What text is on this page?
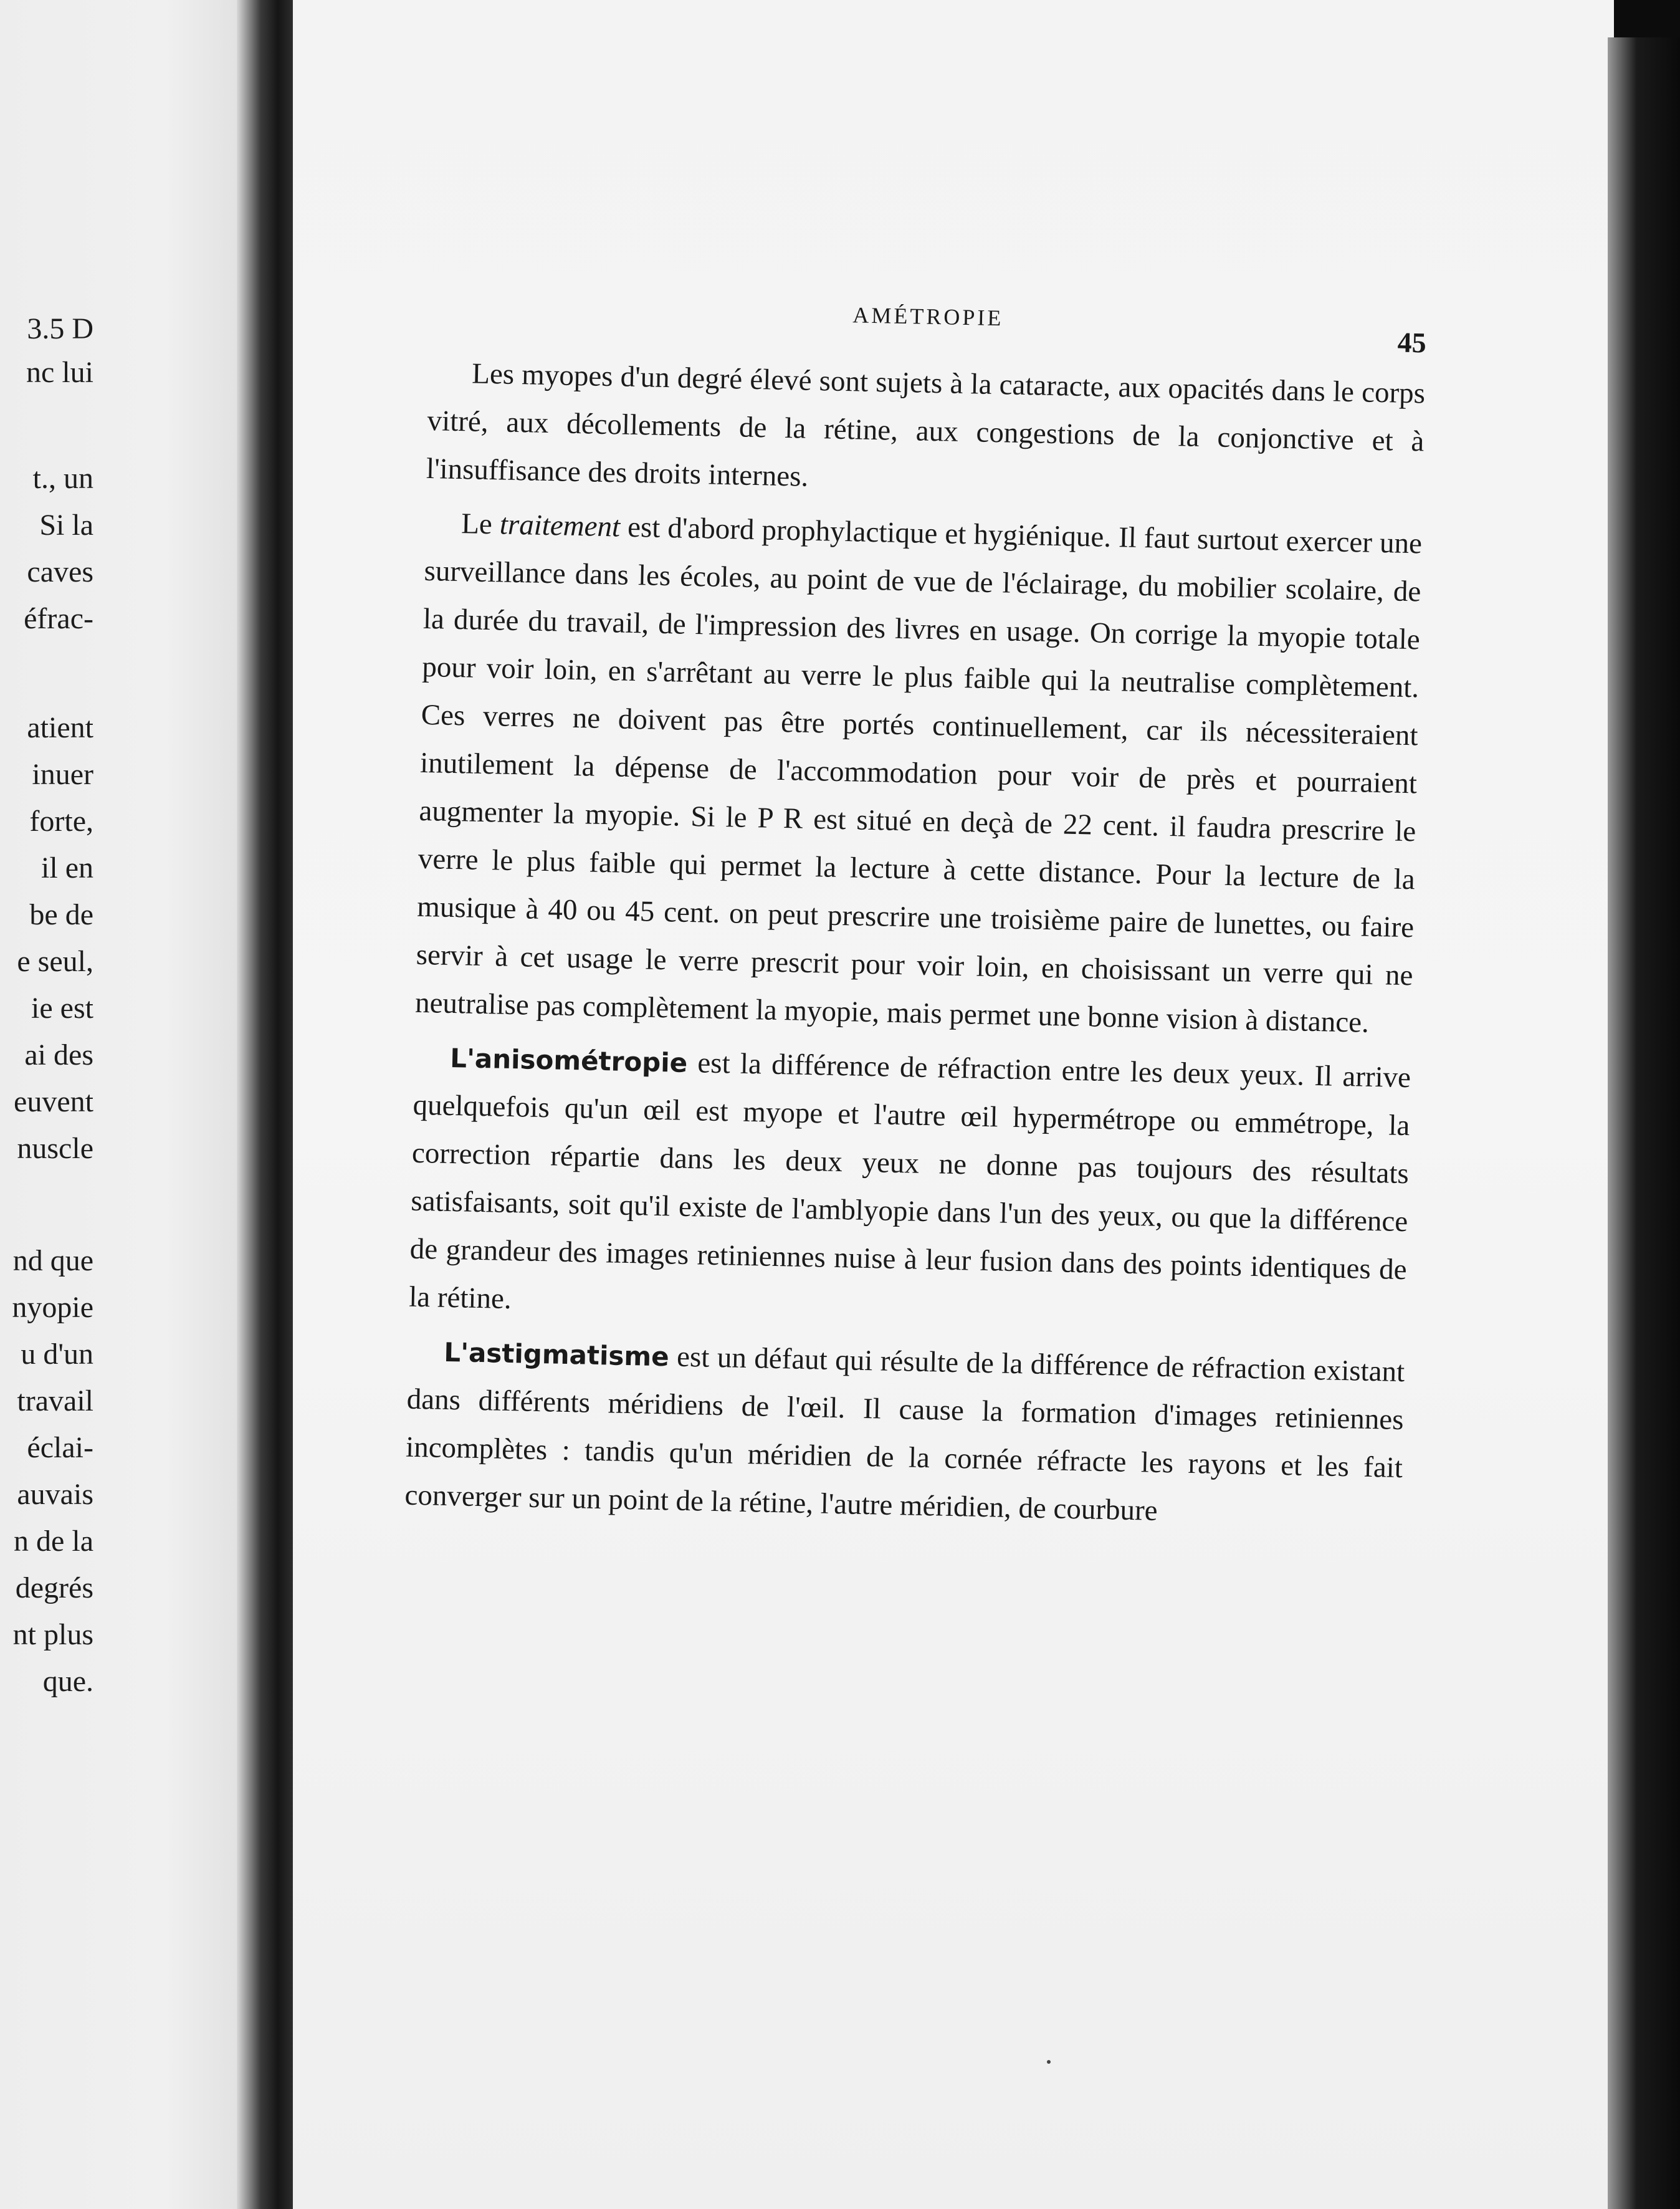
3.5 D
nc lui
t., un
Si la
caves
éfrac-
atient
inuer
forte,
il en
be de
e seul,
ie est
ai des
euvent
nuscle
nd que
nyopie
u d'un
travail
éclai-
auvais
n de la
degrés
nt plus
que.
AMÉTROPIE
45

Les myopes d'un degré élevé sont sujets à la cataracte, aux opacités dans le corps vitré, aux décollements de la rétine, aux congestions de la conjonctive et à l'insuffisance des droits internes.

Le traitement est d'abord prophylactique et hygiénique. Il faut surtout exercer une surveillance dans les écoles, au point de vue de l'éclairage, du mobilier scolaire, de la durée du travail, de l'impression des livres en usage. On corrige la myopie totale pour voir loin, en s'arrêtant au verre le plus faible qui la neutralise complètement. Ces verres ne doivent pas être portés continuellement, car ils nécessiteraient inutilement la dépense de l'accommodation pour voir de près et pourraient augmenter la myopie. Si le P R est situé en deçà de 22 cent. il faudra prescrire le verre le plus faible qui permet la lecture à cette distance. Pour la lecture de la musique à 40 ou 45 cent. on peut prescrire une troisième paire de lunettes, ou faire servir à cet usage le verre prescrit pour voir loin, en choisissant un verre qui ne neutralise pas complètement la myopie, mais permet une bonne vision à distance.

L'anisométropie est la différence de réfraction entre les deux yeux. Il arrive quelquefois qu'un œil est myope et l'autre œil hypermétrope ou emmétrope, la correction répartie dans les deux yeux ne donne pas toujours des résultats satisfaisants, soit qu'il existe de l'amblyopie dans l'un des yeux, ou que la différence de grandeur des images retiniennes nuise à leur fusion dans des points identiques de la rétine.

L'astigmatisme est un défaut qui résulte de la différence de réfraction existant dans différents méridiens de l'œil. Il cause la formation d'images retiniennes incomplètes : tandis qu'un méridien de la cornée réfracte les rayons et les fait converger sur un point de la rétine, l'autre méridien, de courbure
